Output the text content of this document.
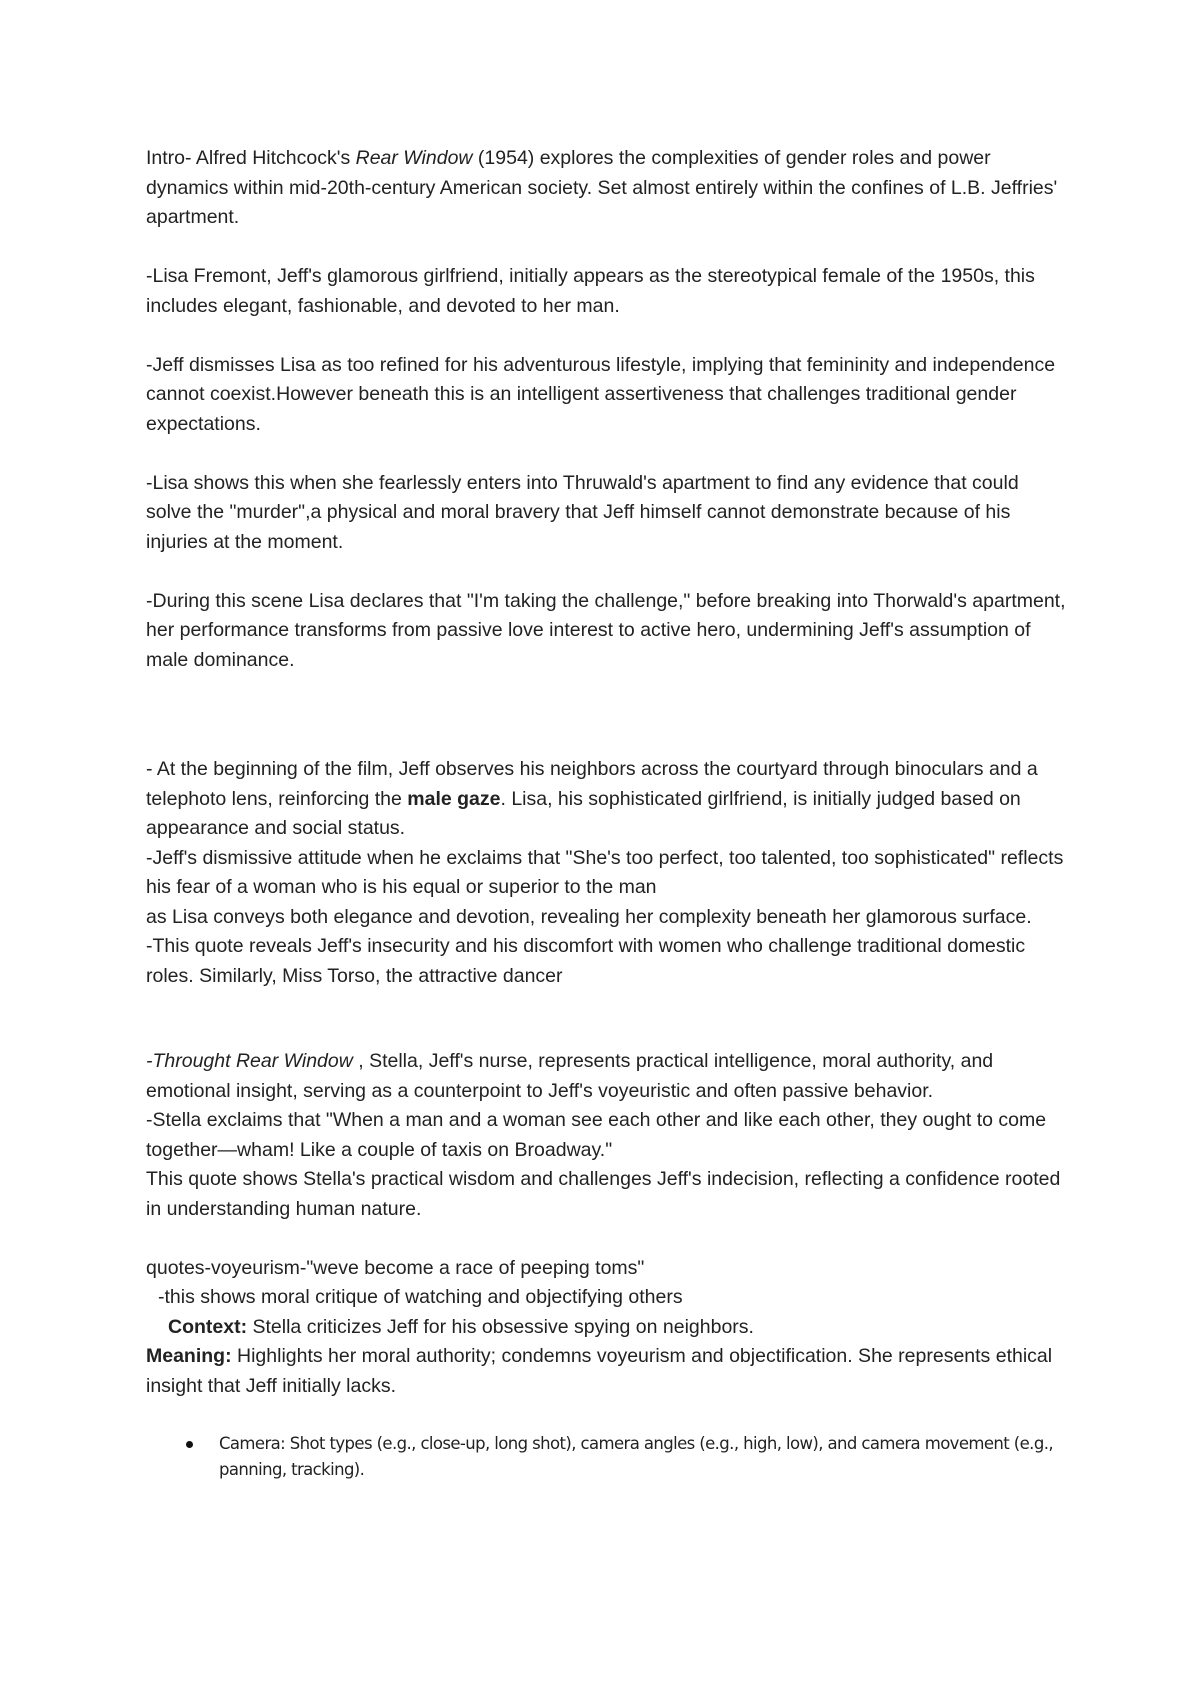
Intro- Alfred Hitchcock's Rear Window (1954) explores the complexities of gender roles and power dynamics within mid-20th-century American society. Set almost entirely within the confines of L.B. Jeffries' apartment.

-Lisa Fremont, Jeff's glamorous girlfriend, initially appears as the stereotypical female of the 1950s, this includes elegant, fashionable, and devoted to her man.

-Jeff dismisses Lisa as too refined for his adventurous lifestyle, implying that femininity and independence cannot coexist.However beneath this is an intelligent assertiveness that challenges traditional gender expectations.

-Lisa shows this when she fearlessly enters into Thruwald's apartment to find any evidence that could solve the "murder",a physical and moral bravery that Jeff himself cannot demonstrate because of his injuries at the moment.

-During this scene Lisa declares that "I'm taking the challenge," before breaking into Thorwald's apartment, her performance transforms from passive love interest to active hero, undermining Jeff's assumption of male dominance.

- At the beginning of the film, Jeff observes his neighbors across the courtyard through binoculars and a telephoto lens, reinforcing the male gaze. Lisa, his sophisticated girlfriend, is initially judged based on appearance and social status.

-Jeff's dismissive attitude when he exclaims that "She's too perfect, too talented, too sophisticated" reflects his fear of a woman who is his equal or superior to the man

as Lisa conveys both elegance and devotion, revealing her complexity beneath her glamorous surface.

-This quote reveals Jeff's insecurity and his discomfort with women who challenge traditional domestic roles. Similarly, Miss Torso, the attractive dancer

-Throught Rear Window , Stella, Jeff's nurse, represents practical intelligence, moral authority, and emotional insight, serving as a counterpoint to Jeff's voyeuristic and often passive behavior.

-Stella exclaims that "When a man and a woman see each other and like each other, they ought to come together—wham! Like a couple of taxis on Broadway."

This quote shows Stella's practical wisdom and challenges Jeff's indecision, reflecting a confidence rooted in understanding human nature.

quotes-voyeurism-"weve become a race of peeping toms"

-this shows moral critique of watching and objectifying others

Context: Stella criticizes Jeff for his obsessive spying on neighbors.

Meaning: Highlights her moral authority; condemns voyeurism and objectification. She represents ethical insight that Jeff initially lacks.

Camera: Shot types (e.g., close-up, long shot), camera angles (e.g., high, low), and camera movement (e.g., panning, tracking).
